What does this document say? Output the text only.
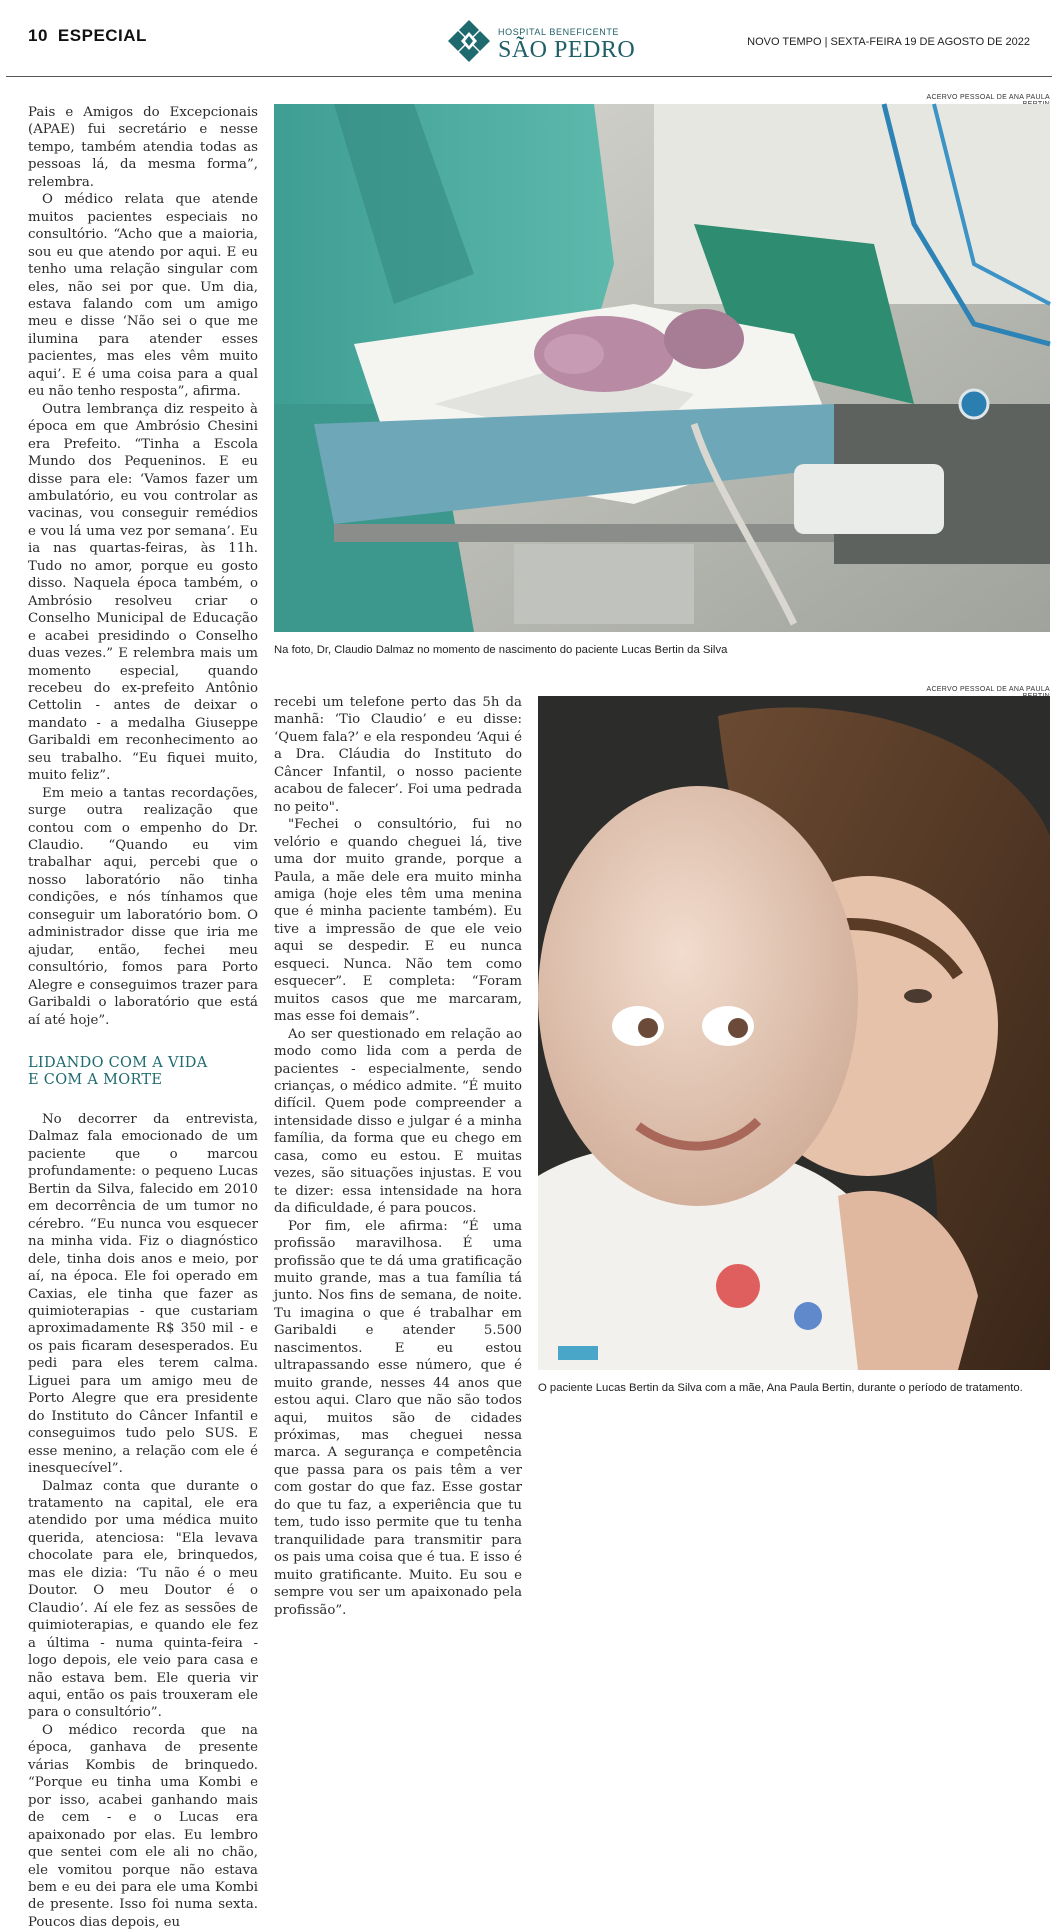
10 ESPECIAL	HOSPITAL BENEFICENTE
SÃO PEDRO	NOVO TEMPO | SEXTA-FEIRA 19 DE AGOSTO DE 2022

Pais e Amigos do Excepcionais (APAE) fui secretário e nesse tempo, também atendia todas as pessoas lá, da mesma forma”, relembra.

O médico relata que atende muitos pacientes especiais no consultório. “Acho que a maioria, sou eu que atendo por aqui. E eu tenho uma relação singular com eles, não sei por que. Um dia, estava falando com um amigo meu e disse ‘Não sei o que me ilumina para atender esses pacientes, mas eles vêm muito aqui’. E é uma coisa para a qual eu não tenho resposta”, afirma.

Outra lembrança diz respeito à época em que Ambrósio Chesini era Prefeito. “Tinha a Escola Mundo dos Pequeninos. E eu disse para ele: ‘Vamos fazer um ambulatório, eu vou controlar as vacinas, vou conseguir remédios e vou lá uma vez por semana’. Eu ia nas quartas-feiras, às 11h. Tudo no amor, porque eu gosto disso. Naquela época também, o Ambrósio resolveu criar o Conselho Municipal de Educação e acabei presidindo o Conselho duas vezes.” E relembra mais um momento especial, quando recebeu do ex-prefeito Antônio Cettolin - antes de deixar o mandato - a medalha Giuseppe Garibaldi em reconhecimento ao seu trabalho. “Eu fiquei muito, muito feliz”.

Em meio a tantas recordações, surge outra realização que contou com o empenho do Dr. Claudio. “Quando eu vim trabalhar aqui, percebi que o nosso laboratório não tinha condições, e nós tínhamos que conseguir um laboratório bom. O administrador disse que iria me ajudar, então, fechei meu consultório, fomos para Porto Alegre e conseguimos trazer para Garibaldi o laboratório que está aí até hoje”.

LIDANDO COM A VIDA
E COM A MORTE

No decorrer da entrevista, Dalmaz fala emocionado de um paciente que o marcou profundamente: o pequeno Lucas Bertin da Silva, falecido em 2010 em decorrência de um tumor no cérebro. “Eu nunca vou esquecer na minha vida. Fiz o diagnóstico dele, tinha dois anos e meio, por aí, na época. Ele foi operado em Caxias, ele tinha que fazer as quimioterapias - que custariam aproximadamente R$ 350 mil - e os pais ficaram desesperados. Eu pedi para eles terem calma. Liguei para um amigo meu de Porto Alegre que era presidente do Instituto do Câncer Infantil e conseguimos tudo pelo SUS. E esse menino, a relação com ele é inesquecível”.

Dalmaz conta que durante o tratamento na capital, ele era atendido por uma médica muito querida, atenciosa: "Ela levava chocolate para ele, brinquedos, mas ele dizia: ‘Tu não é o meu Doutor. O meu Doutor é o Claudio’. Aí ele fez as sessões de quimioterapias, e quando ele fez a última - numa quinta-feira - logo depois, ele veio para casa e não estava bem. Ele queria vir aqui, então os pais trouxeram ele para o consultório”.

O médico recorda que na época, ganhava de presente várias Kombis de brinquedo. “Porque eu tinha uma Kombi e por isso, acabei ganhando mais de cem - e o Lucas era apaixonado por elas. Eu lembro que sentei com ele ali no chão, ele vomitou porque não estava bem e eu dei para ele uma Kombi de presente. Isso foi numa sexta. Poucos dias depois, eu

ACERVO PESSOAL DE ANA PAULA
Na foto, Dr, Claudio Dalmaz no momento de nascimento do paciente Lucas Bertin da Silva

recebi um telefone perto das 5h da manhã: ‘Tio Claudio’ e eu disse: ‘Quem fala?’ e ela respondeu ‘Aqui é a Dra. Cláudia do Instituto do Câncer Infantil, o nosso paciente acabou de falecer’. Foi uma pedrada no peito".

"Fechei o consultório, fui no velório e quando cheguei lá, tive uma dor muito grande, porque a Paula, a mãe dele era muito minha amiga (hoje eles têm uma menina que é minha paciente também). Eu tive a impressão de que ele veio aqui se despedir. E eu nunca esqueci. Nunca. Não tem como esquecer”. E completa: “Foram muitos casos que me marcaram, mas esse foi demais”.

Ao ser questionado em relação ao modo como lida com a perda de pacientes - especialmente, sendo crianças, o médico admite. “É muito difícil. Quem pode compreender a intensidade disso e julgar é a minha família, da forma que eu chego em casa, como eu estou. E muitas vezes, são situações injustas. E vou te dizer: essa intensidade na hora da dificuldade, é para poucos.

Por fim, ele afirma: “É uma profissão maravilhosa. É uma profissão que te dá uma gratificação muito grande, mas a tua família tá junto. Nos fins de semana, de noite. Tu imagina o que é trabalhar em Garibaldi e atender 5.500 nascimentos. E eu estou ultrapassando esse número, que é muito grande, nesses 44 anos que estou aqui. Claro que não são todos aqui, muitos são de cidades próximas, mas cheguei nessa marca. A segurança e competência que passa para os pais têm a ver com gostar do que faz. Esse gostar do que tu faz, a experiência que tu tem, tudo isso permite que tu tenha tranquilidade para transmitir para os pais uma coisa que é tua. E isso é muito gratificante. Muito. Eu sou e sempre vou ser um apaixonado pela profissão”.

ACERVO PESSOAL DE ANA PAULA
O paciente Lucas Bertin da Silva com a mãe, Ana Paula Bertin, durante o período de tratamento.
